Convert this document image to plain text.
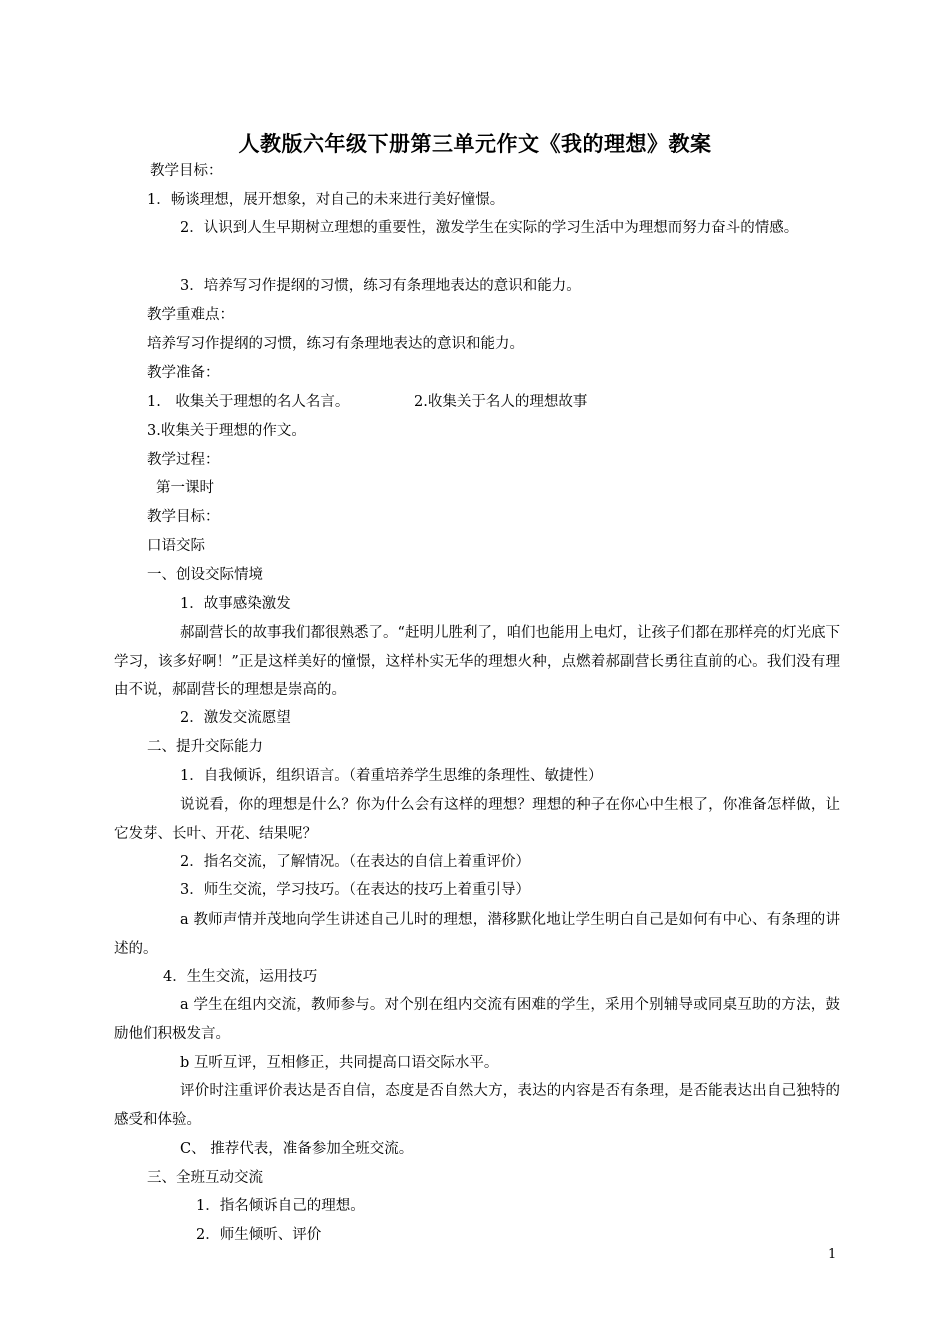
人教版六年级下册第三单元作文《我的理想》教案
教学目标：
1．畅谈理想，展开想象，对自己的未来进行美好憧憬。
2．认识到人生早期树立理想的重要性，激发学生在实际的学习生活中为理想而努力奋斗的情感。
3．培养写习作提纲的习惯，练习有条理地表达的意识和能力。
教学重难点：
培养写习作提纲的习惯，练习有条理地表达的意识和能力。
教学准备：
1.　收集关于理想的名人名言。	2.收集关于名人的理想故事
3.收集关于理想的作文。
教学过程：
第一课时
教学目标：
口语交际
一、创设交际情境
1．故事感染激发
郝副营长的故事我们都很熟悉了。“赶明儿胜利了，咱们也能用上电灯，让孩子们都在那样亮的灯光底下学习，该多好啊！”正是这样美好的憧憬，这样朴实无华的理想火种，点燃着郝副营长勇往直前的心。我们没有理由不说，郝副营长的理想是崇高的。
2．激发交流愿望
二、提升交际能力
1．自我倾诉，组织语言。（着重培养学生思维的条理性、敏捷性）
说说看，你的理想是什么？你为什么会有这样的理想？理想的种子在你心中生根了，你准备怎样做，让它发芽、长叶、开花、结果呢？
2．指名交流，了解情况。（在表达的自信上着重评价）
3．师生交流，学习技巧。（在表达的技巧上着重引导）
a 教师声情并茂地向学生讲述自己儿时的理想，潜移默化地让学生明白自己是如何有中心、有条理的讲述的。
4．生生交流，运用技巧
a 学生在组内交流，教师参与。对个别在组内交流有困难的学生，采用个别辅导或同桌互助的方法，鼓励他们积极发言。
b 互听互评，互相修正，共同提高口语交际水平。
评价时注重评价表达是否自信，态度是否自然大方，表达的内容是否有条理，是否能表达出自己独特的感受和体验。
C、 推荐代表，准备参加全班交流。
三、全班互动交流
1．指名倾诉自己的理想。
2．师生倾听、评价
1
